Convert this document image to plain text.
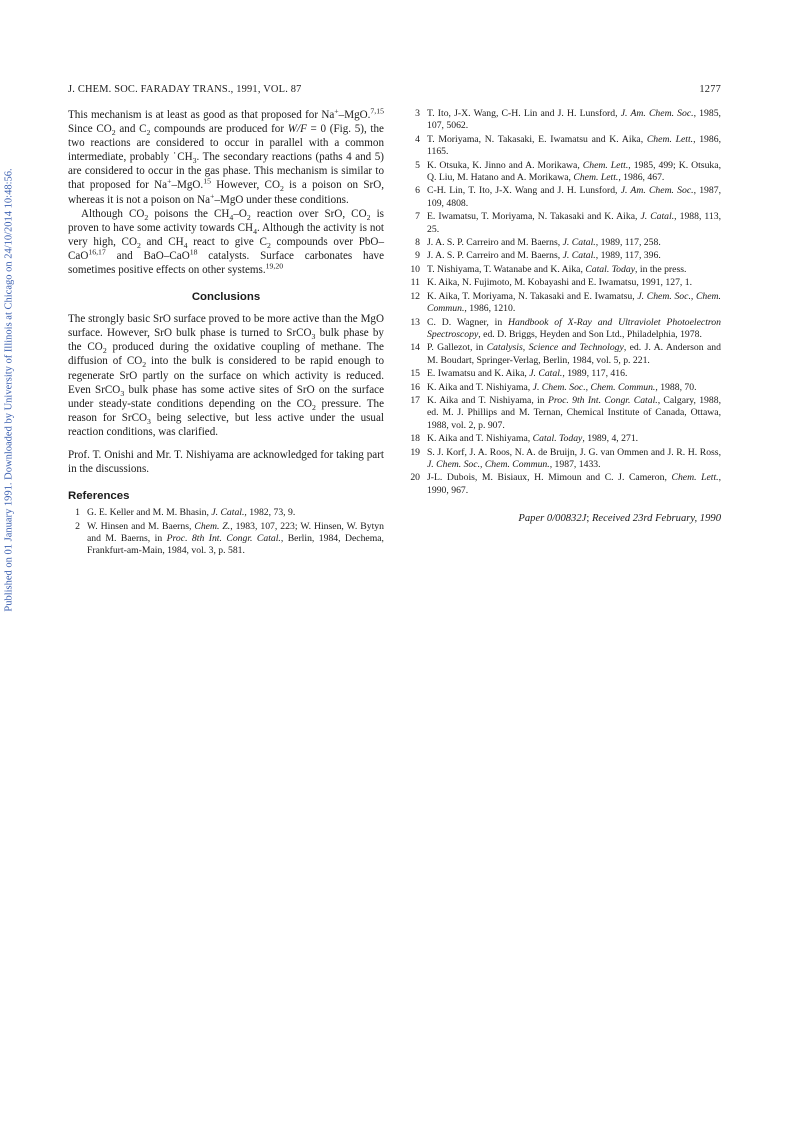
Published on 01 January 1991. Downloaded by University of Illinois at Chicago on 24/10/2014 10:48:56.
J. CHEM. SOC. FARADAY TRANS., 1991, VOL. 87	1277

This mechanism is at least as good as that proposed for Na+–MgO.$^{7,15}$ Since $CO_2$ and $C_2$ compounds are produced for W/F = 0 (Fig. 5), the two reactions are considered to occur in parallel with a common intermediate, probably $˙CH_3$. The secondary reactions (paths 4 and 5) are considered to occur in the gas phase. This mechanism is similar to that proposed for Na+–MgO.$^{15}$ However, $CO_2$ is a poison on SrO, whereas it is not a poison on Na+–MgO under these conditions.

Although $CO_2$ poisons the $CH_4-O_2$ reaction over SrO, $CO_2$ is proven to have some activity towards $CH_4$. Although the activity is not very high, $CO_2$ and $CH_4$ react to give $C_2$ compounds over PbO–CaO$^{16,17}$ and BaO–CaO$^{18}$ catalysts. Surface carbonates have sometimes positive effects on other systems.$^{19,20}$

Conclusions

The strongly basic SrO surface proved to be more active than the MgO surface. However, SrO bulk phase is turned to SrCO$_3$ bulk phase by the $CO_2$ produced during the oxidative coupling of methane. The diffusion of $CO_2$ into the bulk is considered to be rapid enough to regenerate SrO partly on the surface on which activity is reduced. Even SrCO$_3$ bulk phase has some active sites of SrO on the surface under steady-state conditions depending on the $CO_2$ pressure. The reason for SrCO$_3$ being selective, but less active under the usual reaction conditions, was clarified.

Prof. T. Onishi and Mr. T. Nishiyama are acknowledged for taking part in the discussions.

References
1 G. E. Keller and M. M. Bhasin, J. Catal., 1982, 73, 9.
2 W. Hinsen and M. Baerns, Chem. Z., 1983, 107, 223; W. Hinsen, W. Bytyn and M. Baerns, in Proc. 8th Int. Congr. Catal., Berlin, 1984, Dechema, Frankfurt-am-Main, 1984, vol. 3, p. 581.
3 T. Ito, J-X. Wang, C-H. Lin and J. H. Lunsford, J. Am. Chem. Soc., 1985, 107, 5062.
4 T. Moriyama, N. Takasaki, E. Iwamatsu and K. Aika, Chem. Lett., 1986, 1165.
5 K. Otsuka, K. Jinno and A. Morikawa, Chem. Lett., 1985, 499; K. Otsuka, Q. Liu, M. Hatano and A. Morikawa, Chem. Lett., 1986, 467.
6 C-H. Lin, T. Ito, J-X. Wang and J. H. Lunsford, J. Am. Chem. Soc., 1987, 109, 4808.
7 E. Iwamatsu, T. Moriyama, N. Takasaki and K. Aika, J. Catal., 1988, 113, 25.
8 J. A. S. P. Carreiro and M. Baerns, J. Catal., 1989, 117, 258.
9 J. A. S. P. Carreiro and M. Baerns, J. Catal., 1989, 117, 396.
10 T. Nishiyama, T. Watanabe and K. Aika, Catal. Today, in the press.
11 K. Aika, N. Fujimoto, M. Kobayashi and E. Iwamatsu, 1991, 127, 1.
12 K. Aika, T. Moriyama, N. Takasaki and E. Iwamatsu, J. Chem. Soc., Chem. Commun., 1986, 1210.
13 C. D. Wagner, in Handbook of X-Ray and Ultraviolet Photoelectron Spectroscopy, ed. D. Briggs, Heyden and Son Ltd., Philadelphia, 1978.
14 P. Gallezot, in Catalysis, Science and Technology, ed. J. A. Anderson and M. Boudart, Springer-Verlag, Berlin, 1984, vol. 5, p. 221.
15 E. Iwamatsu and K. Aika, J. Catal., 1989, 117, 416.
16 K. Aika and T. Nishiyama, J. Chem. Soc., Chem. Commun., 1988, 70.
17 K. Aika and T. Nishiyama, in Proc. 9th Int. Congr. Catal., Calgary, 1988, ed. M. J. Phillips and M. Ternan, Chemical Institute of Canada, Ottawa, 1988, vol. 2, p. 907.
18 K. Aika and T. Nishiyama, Catal. Today, 1989, 4, 271.
19 S. J. Korf, J. A. Roos, N. A. de Bruijn, J. G. van Ommen and J. R. H. Ross, J. Chem. Soc., Chem. Commun., 1987, 1433.
20 J-L. Dubois, M. Bisiaux, H. Mimoun and C. J. Cameron, Chem. Lett., 1990, 967.
Paper 0/00832J; Received 23rd February, 1990
